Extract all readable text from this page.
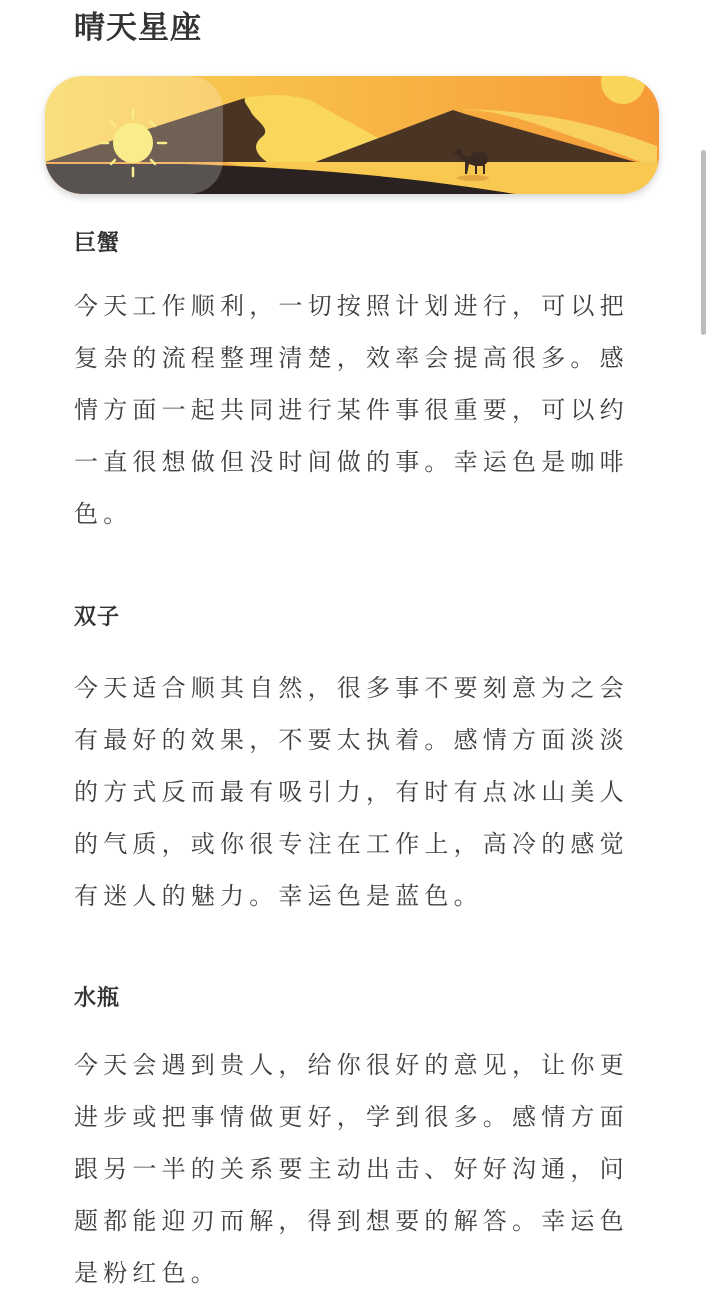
晴天星座
巨蟹

今天工作顺利，一切按照计划进行，可以把复杂的流程整理清楚，效率会提高很多。感情方面一起共同进行某件事很重要，可以约一直很想做但没时间做的事。幸运色是咖啡色。

双子

今天适合顺其自然，很多事不要刻意为之会有最好的效果，不要太执着。感情方面淡淡的方式反而最有吸引力，有时有点冰山美人的气质，或你很专注在工作上，高冷的感觉有迷人的魅力。幸运色是蓝色。

水瓶

今天会遇到贵人，给你很好的意见，让你更进步或把事情做更好，学到很多。感情方面跟另一半的关系要主动出击、好好沟通，问题都能迎刃而解，得到想要的解答。幸运色是粉红色。
